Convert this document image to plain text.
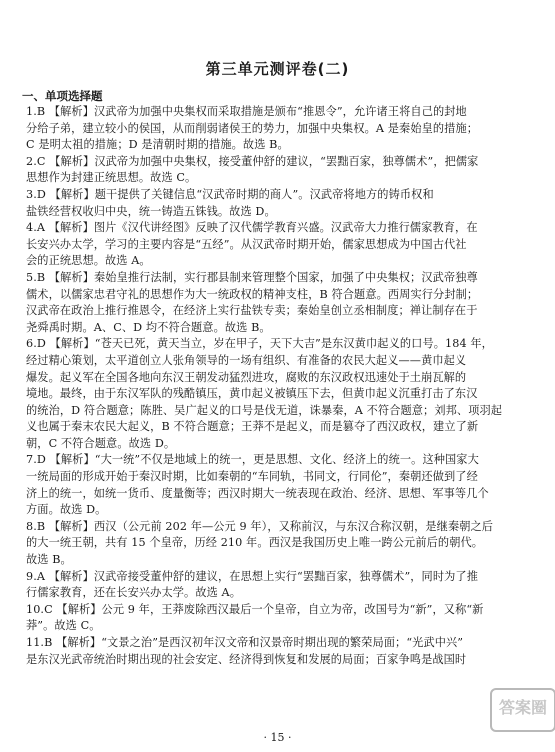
第三单元测评卷(二)
一、单项选择题
1.B 【解析】汉武帝为加强中央集权而采取措施是颁布“推恩令”，允许诸王将自己的封地
分给子弟，建立较小的侯国，从而削弱诸侯王的势力，加强中央集权。A 是秦始皇的措施；
C 是明太祖的措施；D 是清朝时期的措施。故选 B。
2.C 【解析】汉武帝为加强中央集权，接受董仲舒的建议，“罢黜百家，独尊儒术”，把儒家
思想作为封建正统思想。故选 C。
3.D 【解析】题干提供了关键信息“汉武帝时期的商人”。汉武帝将地方的铸币权和
盐铁经营权收归中央，统一铸造五铢钱。故选 D。
4.A 【解析】图片《汉代讲经图》反映了汉代儒学教育兴盛。汉武帝大力推行儒家教育，在
长安兴办太学，学习的主要内容是“五经”。从汉武帝时期开始，儒家思想成为中国古代社
会的正统思想。故选 A。
5.B 【解析】秦始皇推行法制，实行郡县制来管理整个国家，加强了中央集权；汉武帝独尊
儒术，以儒家忠君守礼的思想作为大一统政权的精神支柱，B 符合题意。西周实行分封制；
汉武帝在政治上推行推恩令，在经济上实行盐铁专卖；秦始皇创立丞相制度；禅让制存在于
尧舜禹时期。A、C、D 均不符合题意。故选 B。
6.D 【解析】“苍天已死，黄天当立，岁在甲子，天下大吉”是东汉黄巾起义的口号。184 年，
经过精心策划，太平道创立人张角领导的一场有组织、有准备的农民大起义——黄巾起义
爆发。起义军在全国各地向东汉王朝发动猛烈进攻，腐败的东汉政权迅速处于土崩瓦解的
境地。最终，由于东汉军队的残酷镇压，黄巾起义被镇压下去，但黄巾起义沉重打击了东汉
的统治，D 符合题意；陈胜、吴广起义的口号是伐无道，诛暴秦，A 不符合题意；刘邦、项羽起
义也属于秦末农民大起义，B 不符合题意；王莽不是起义，而是篡夺了西汉政权，建立了新
朝，C 不符合题意。故选 D。
7.D 【解析】“大一统”不仅是地域上的统一，更是思想、文化、经济上的统一。这种国家大
一统局面的形成开始于秦汉时期，比如秦朝的“车同轨，书同文，行同伦”，秦朝还做到了经
济上的统一，如统一货币、度量衡等；西汉时期大一统表现在政治、经济、思想、军事等几个
方面。故选 D。
8.B 【解析】西汉（公元前 202 年—公元 9 年），又称前汉，与东汉合称汉朝，是继秦朝之后
的大一统王朝，共有 15 个皇帝，历经 210 年。西汉是我国历史上唯一跨公元前后的朝代。
故选 B。
9.A 【解析】汉武帝接受董仲舒的建议，在思想上实行“罢黜百家，独尊儒术”，同时为了推
行儒家教育，还在长安兴办太学。故选 A。
10.C 【解析】公元 9 年，王莽废除西汉最后一个皇帝，自立为帝，改国号为“新”，又称“新
莽”。故选 C。
11.B 【解析】“文景之治”是西汉初年汉文帝和汉景帝时期出现的繁荣局面；“光武中兴”
是东汉光武帝统治时期出现的社会安定、经济得到恢复和发展的局面；百家争鸣是战国时
· 15 ·
答案圈
